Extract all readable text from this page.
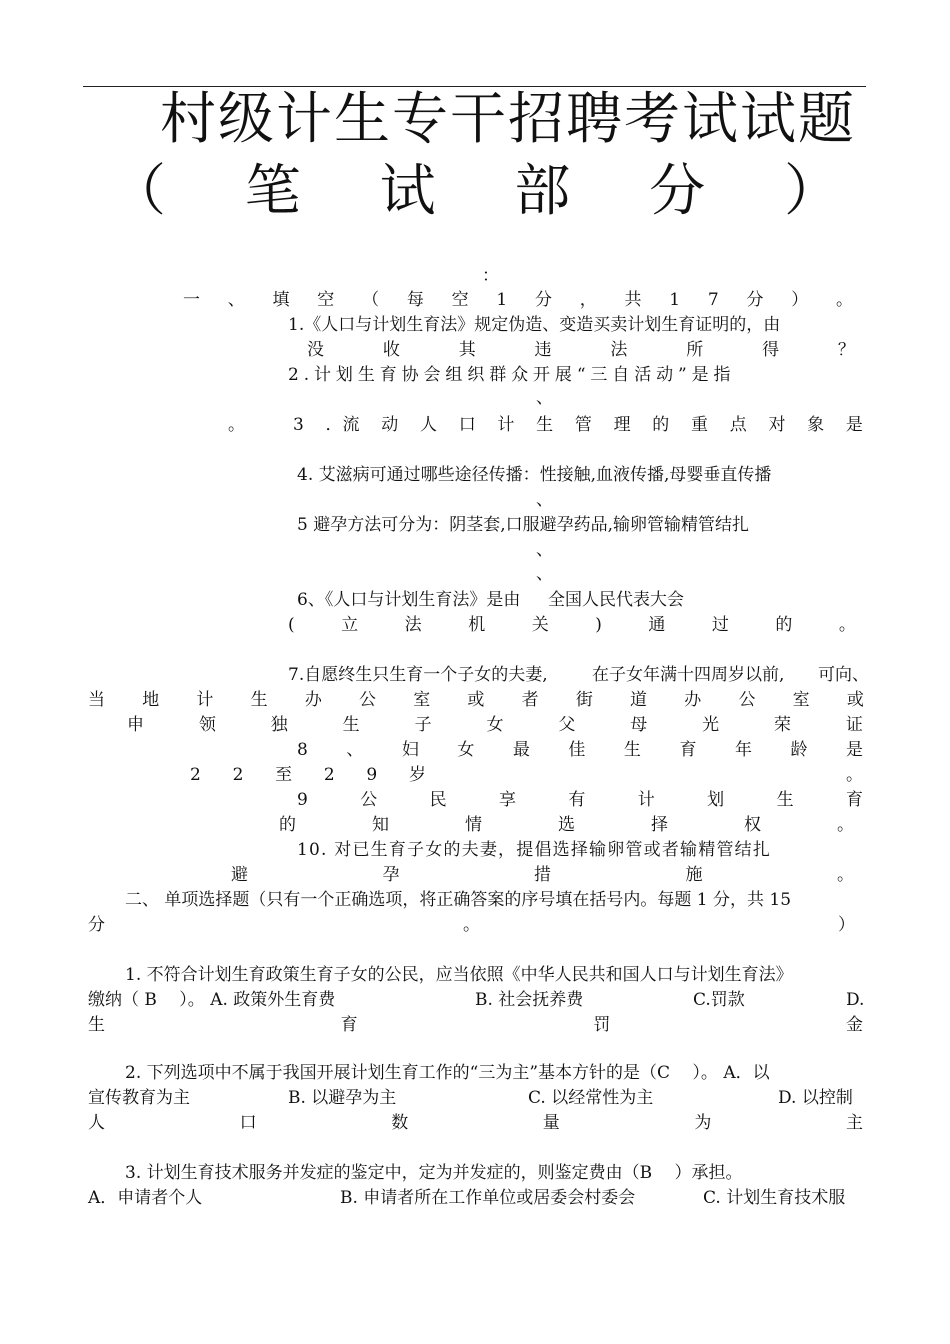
村级计生专干招聘考试试题
（ 笔 试 部 分 ）
：
一 、 填 空 （ 每 空 1 分 ， 共 1 7 分 ） 。
1.《人口与计划生育法》规定伪造、变造买卖计划生育证明的，由
没	收	其	违	法	所	得	？
2.计划生育协会组织群众开展“三自活动”是指
、
。	3 ．流 动 人 口 计 生 管 理 的 重 点 对 象 是
4. 艾滋病可通过哪些途径传播：性接触,血液传播,母婴垂直传播
、
5 避孕方法可分为：阴茎套,口服避孕药品,输卵管输精管结扎
、
、
6、《人口与计划生育法》是由 全国人民代表大会
(	立	法	机	关	)	通	过	的	。
7.自愿终生只生育一个子女的夫妻,	在子女年满十四周岁以前, 可向、
当 地 计 生 办 公 室 或 者 街 道 办 公 室 或
申	领	独	生	子	女	父	母	光	荣	证
8 、 妇 女 最 佳 生 育 年 龄 是
2 2 至 2 9 岁	。
9	公	民	享	有	计	划	生	育
的	知	情	选	择	权	。
10. 对已生育子女的夫妻，提倡选择输卵管或者输精管结扎
避	孕	措	施	。
二、 单项选择题（只有一个正确选项，将正确答案的序号填在括号内。每题 1 分，共 15
分	。	）
1. 不符合计划生育政策生育子女的公民，应当依照《中华人民共和国人口与计划生育法》
缴纳（ B　 ）。 A. 政策外生育费	B. 社会抚养费	C.罚款	D.
生	育	罚	金
2. 下列选项中不属于我国开展计划生育工作的“三为主”基本方针的是（C　 ）。 A．以
宣传教育为主	B. 以避孕为主	C. 以经常性为主	D. 以控制
人	口	数	量	为	主
3. 计划生育技术服务并发症的鉴定中，定为并发症的，则鉴定费由（B　 ）承担。
A．申请者个人	B. 申请者所在工作单位或居委会村委会	C. 计划生育技术服
